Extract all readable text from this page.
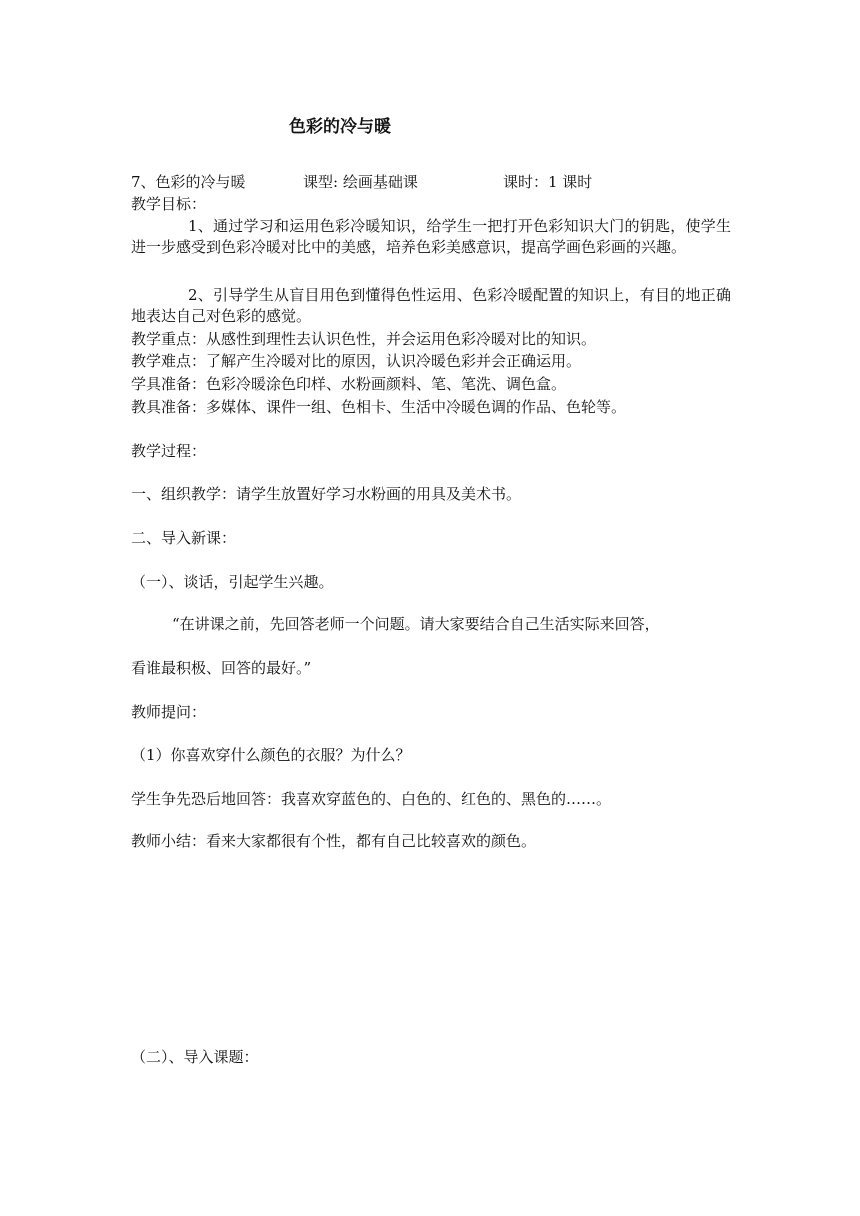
色彩的冷与暖
7、色彩的冷与暖	课型: 绘画基础课	课时：1 课时
教学目标：
1、通过学习和运用色彩冷暖知识，给学生一把打开色彩知识大门的钥匙，使学生进一步感受到色彩冷暖对比中的美感，培养色彩美感意识，提高学画色彩画的兴趣。
2、引导学生从盲目用色到懂得色性运用、色彩冷暖配置的知识上，有目的地正确地表达自己对色彩的感觉。
教学重点：从感性到理性去认识色性，并会运用色彩冷暖对比的知识。
教学难点：了解产生冷暖对比的原因，认识冷暖色彩并会正确运用。
学具准备：色彩冷暖涂色印样、水粉画颜料、笔、笔洗、调色盒。
教具准备：多媒体、课件一组、色相卡、生活中冷暖色调的作品、色轮等。
教学过程：
一、组织教学：请学生放置好学习水粉画的用具及美术书。
二、导入新课：
（一）、谈话，引起学生兴趣。
“在讲课之前，先回答老师一个问题。请大家要结合自己生活实际来回答，
看谁最积极、回答的最好。”
教师提问：
（1）你喜欢穿什么颜色的衣服？为什么？
学生争先恐后地回答：我喜欢穿蓝色的、白色的、红色的、黑色的……。
教师小结：看来大家都很有个性，都有自己比较喜欢的颜色。
（二）、导入课题：
